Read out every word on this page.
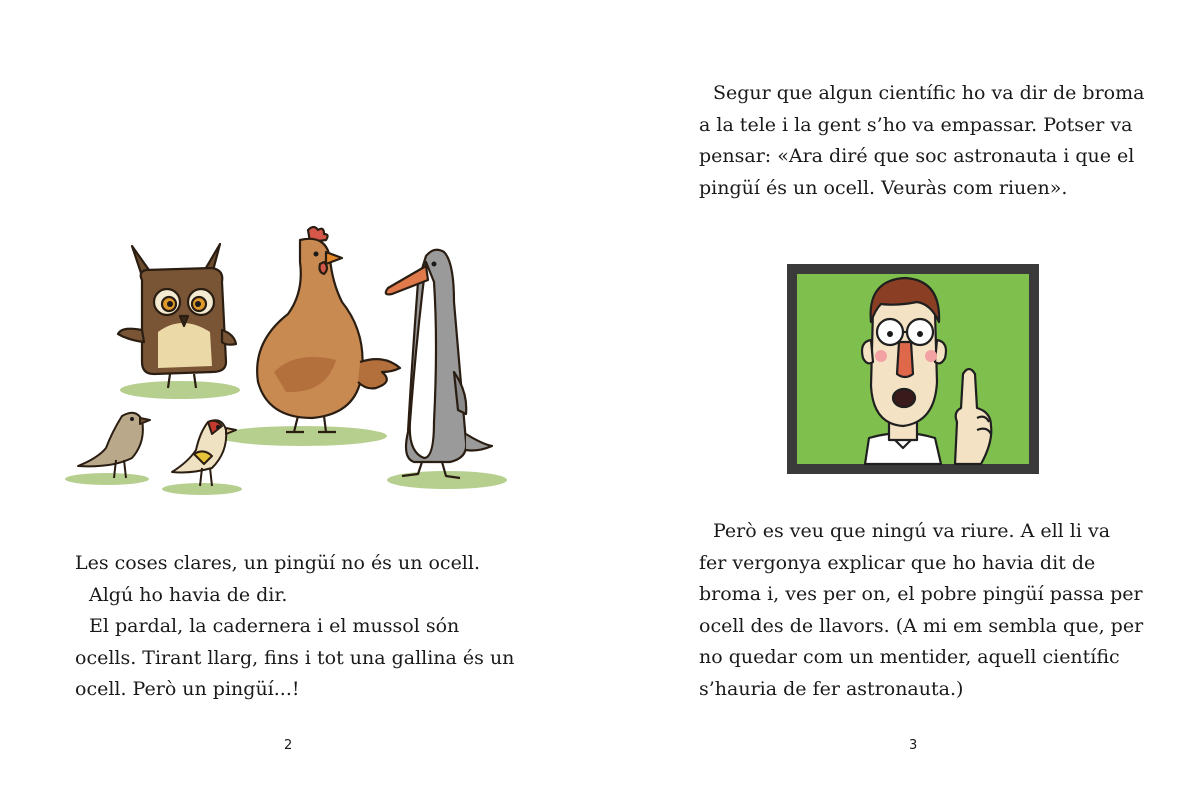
Les coses clares, un pingüí no és un ocell.

Algú ho havia de dir.

El pardal, la cadernera i el mussol són

ocells. Tirant llarg, fins i tot una gallina és un

ocell. Però un pingüí...!

2

Segur que algun científic ho va dir de broma

a la tele i la gent s’ho va empassar. Potser va

pensar: «Ara diré que soc astronauta i que el

pingüí és un ocell. Veuràs com riuen».

Però es veu que ningú va riure. A ell li va

fer vergonya explicar que ho havia dit de

broma i, ves per on, el pobre pingüí passa per

ocell des de llavors. (A mi em sembla que, per

no quedar com un mentider, aquell científic

s’hauria de fer astronauta.)

3
